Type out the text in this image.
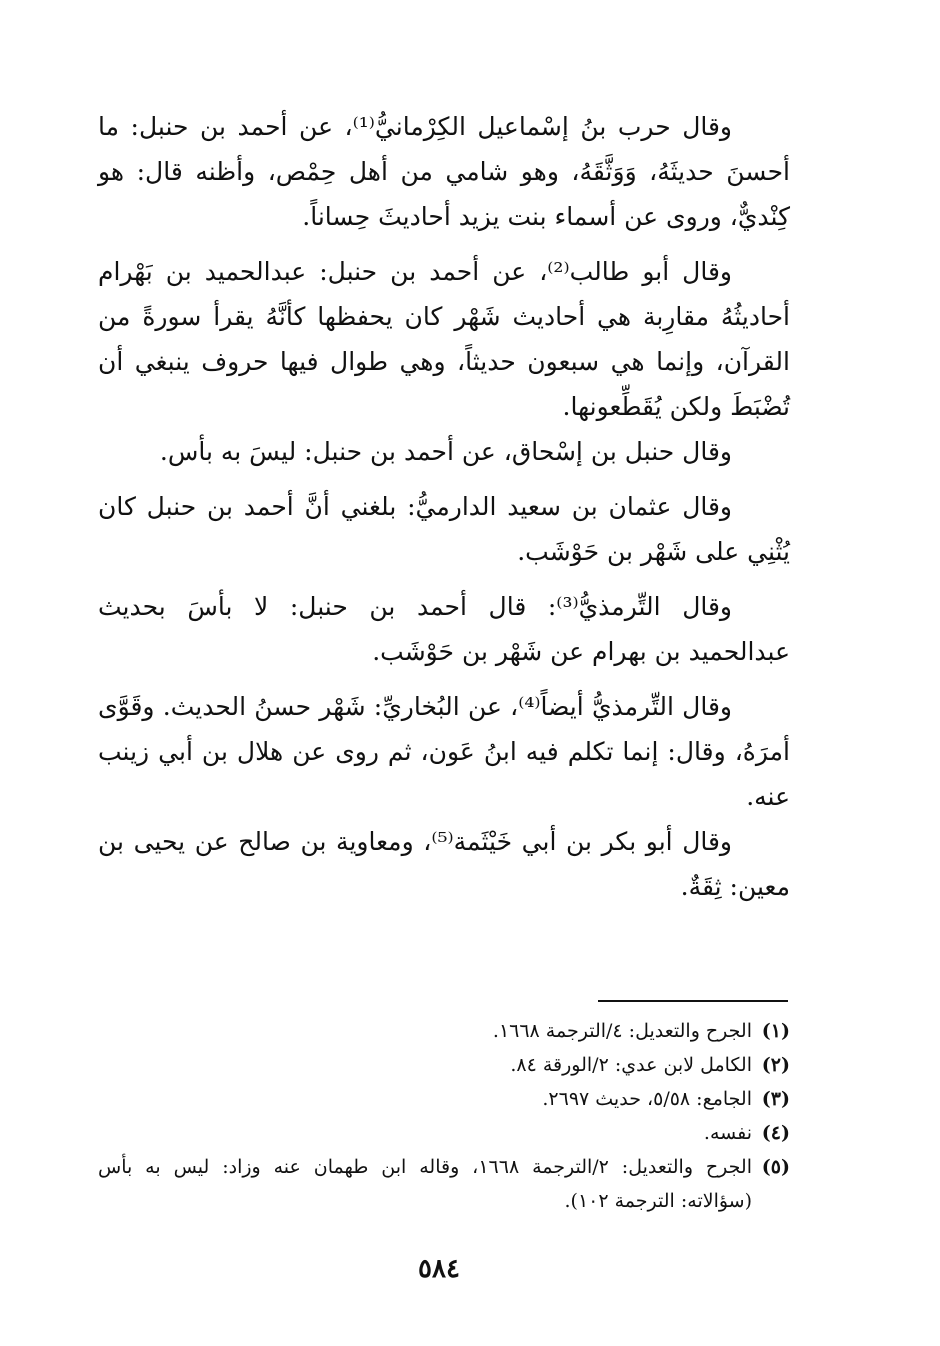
وقال حرب بنُ إسْماعيل الكِرْمانيُّ⁽¹⁾، عن أحمد بن حنبل: ما أحسنَ حديثَهُ، وَوَثَّقَهُ، وهو شامي من أهل حِمْص، وأظنه قال: هو كِنْديٌّ، وروى عن أسماء بنت يزيد أحاديثَ حِساناً.

وقال أبو طالب⁽²⁾، عن أحمد بن حنبل: عبدالحميد بن بَهْرام أحاديثُهُ مقارِبة هي أحاديث شَهْر كان يحفظها كأنَّهُ يقرأ سورةً من القرآن، وإنما هي سبعون حديثاً، وهي طوال فيها حروف ينبغي أن تُضْبَطَ ولكن يُقَطِّعونها.

وقال حنبل بن إسْحاق، عن أحمد بن حنبل: ليسَ به بأس.

وقال عثمان بن سعيد الدارميُّ: بلغني أنَّ أحمد بن حنبل كان يُثْنِي على شَهْر بن حَوْشَب.

وقال التِّرمذيُّ⁽³⁾: قال أحمد بن حنبل: لا بأسَ بحديث عبدالحميد بن بهرام عن شَهْر بن حَوْشَب.

وقال التِّرمذيُّ أيضاً⁽⁴⁾، عن البُخاريِّ: شَهْر حسنُ الحديث. وقَوَّى أمرَهُ، وقال: إنما تكلم فيه ابنُ عَون، ثم روى عن هلال بن أبي زينب عنه.

وقال أبو بكر بن أبي خَيْثَمة⁽⁵⁾، ومعاوية بن صالح عن يحيى بن معين: ثِقَةٌ.

(١)
الجرح والتعديل: ٤/الترجمة ١٦٦٨.
(٢)
الكامل لابن عدي: ٢/الورقة ٨٤.
(٣)
الجامع: ٥/٥٨، حديث ٢٦٩٧.
(٤)
نفسه.
(٥)
الجرح والتعديل: ٢/الترجمة ١٦٦٨، وقاله ابن طهمان عنه وزاد: ليس به بأس (سؤالاته: الترجمة ١٠٢).
٥٨٤
